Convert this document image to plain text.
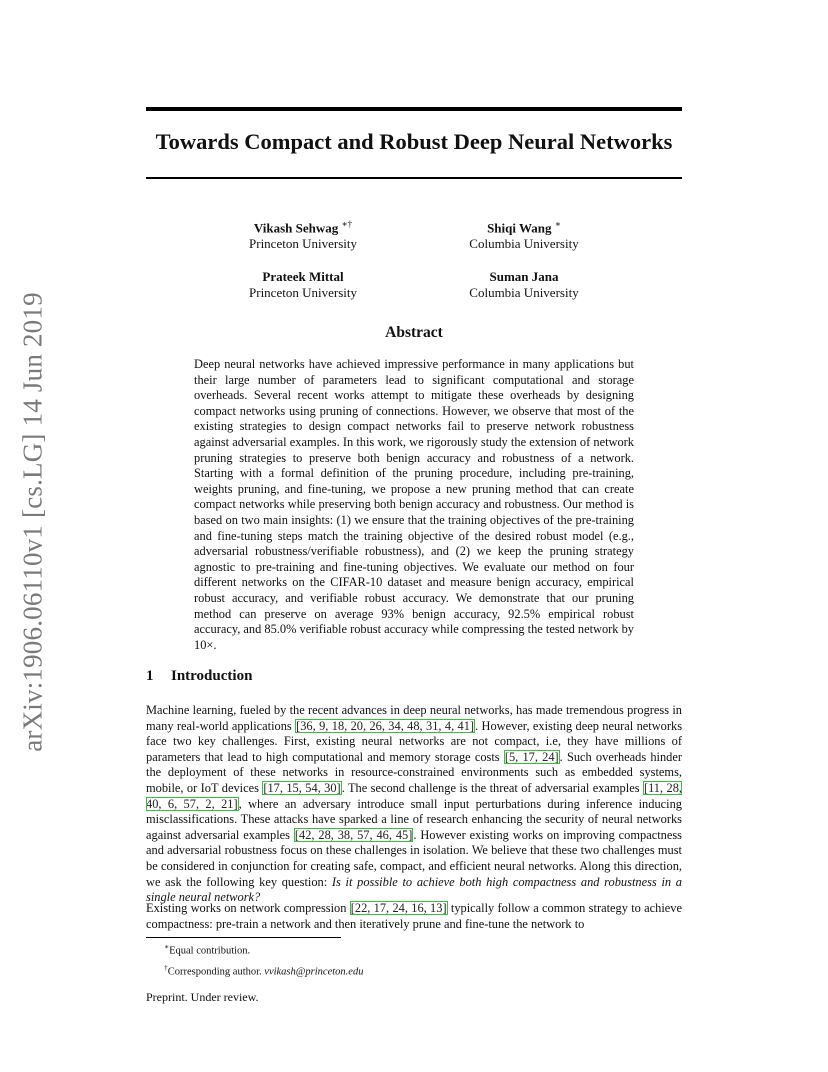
arXiv:1906.06110v1 [cs.LG] 14 Jun 2019
Towards Compact and Robust Deep Neural Networks
Vikash Sehwag ∗†
Princeton University
Shiqi Wang ∗
Columbia University
Prateek Mittal
Princeton University
Suman Jana
Columbia University
Abstract

Deep neural networks have achieved impressive performance in many applications but their large number of parameters lead to significant computational and storage overheads. Several recent works attempt to mitigate these overheads by designing compact networks using pruning of connections. However, we observe that most of the existing strategies to design compact networks fail to preserve network robustness against adversarial examples. In this work, we rigorously study the extension of network pruning strategies to preserve both benign accuracy and robustness of a network. Starting with a formal definition of the pruning procedure, including pre-training, weights pruning, and fine-tuning, we propose a new pruning method that can create compact networks while preserving both benign accuracy and robustness. Our method is based on two main insights: (1) we ensure that the training objectives of the pre-training and fine-tuning steps match the training objective of the desired robust model (e.g., adversarial robustness/verifiable robustness), and (2) we keep the pruning strategy agnostic to pre-training and fine-tuning objectives. We evaluate our method on four different networks on the CIFAR-10 dataset and measure benign accuracy, empirical robust accuracy, and verifiable robust accuracy. We demonstrate that our pruning method can preserve on average 93% benign accuracy, 92.5% empirical robust accuracy, and 85.0% verifiable robust accuracy while compressing the tested network by 10×.

1 Introduction

Machine learning, fueled by the recent advances in deep neural networks, has made tremendous progress in many real-world applications [36, 9, 18, 20, 26, 34, 48, 31, 4, 41]. However, existing deep neural networks face two key challenges. First, existing neural networks are not compact, i.e, they have millions of parameters that lead to high computational and memory storage costs [5, 17, 24]. Such overheads hinder the deployment of these networks in resource-constrained environments such as embedded systems, mobile, or IoT devices [17, 15, 54, 30]. The second challenge is the threat of adversarial examples [11, 28, 40, 6, 57, 2, 21], where an adversary introduce small input perturbations during inference inducing misclassifications. These attacks have sparked a line of research enhancing the security of neural networks against adversarial examples [42, 28, 38, 57, 46, 45]. However existing works on improving compactness and adversarial robustness focus on these challenges in isolation. We believe that these two challenges must be considered in conjunction for creating safe, compact, and efficient neural networks. Along this direction, we ask the following key question: Is it possible to achieve both high compactness and robustness in a single neural network?

Existing works on network compression [22, 17, 24, 16, 13] typically follow a common strategy to achieve compactness: pre-train a network and then iteratively prune and fine-tune the network to

∗Equal contribution.
†Corresponding author. vvikash@princeton.edu
Preprint. Under review.
